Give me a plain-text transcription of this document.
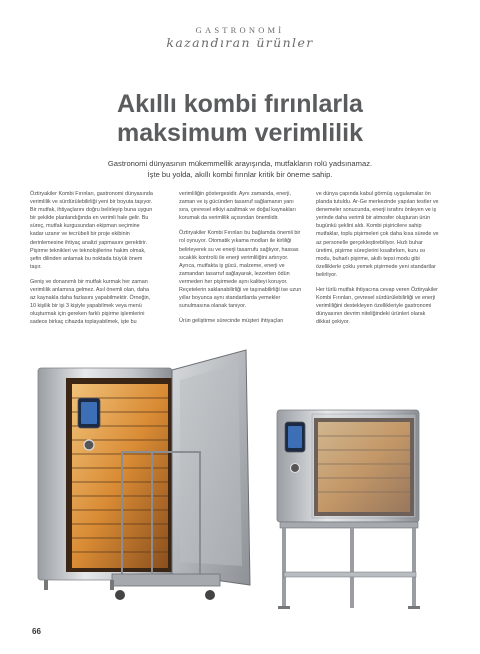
GASTRONOMİ
kazandıran ürünler
Akıllı kombi fırınlarla
maksimum verimlilik
Gastronomi dünyasının mükemmellik arayışında, mutfakların rolü yadsınamaz.
İşte bu yolda, akıllı kombi fırınlar kritik bir öneme sahip.

Öztiryakiler Kombi Fırınları, gastronomi dünyasında verimlilik ve sürdürülebilirliği yeni bir boyuta taşıyor. Bir mutfak, ihtiyaçlarını doğru belirleyip buna uygun bir şekilde planlandığında en verimli hale gelir. Bu süreç, mutfak kurgusundan ekipman seçimine kadar uzanır ve tecrübeli bir proje ekibinin derinlemesine ihtiyaç analizi yapmasını gerektirir. Pişirme teknikleri ve teknolojilerine hakim olmak, şefin dilinden anlamak bu noktada büyük önem taşır.

Geniş ve donanımlı bir mutfak kurmak her zaman verimlilik anlamına gelmez. Asıl önemli olan, daha az kaynakla daha fazlasını yapabilmektir. Örneğin, 10 kişilik bir işi 3 kişiyle yapabilmek veya menü oluşturmak için gereken farklı pişirme işlemlerini sadece birkaç cihazda toplayabilmek, işte bu

verimliliğin göstergesidir. Aynı zamanda, enerji, zaman ve iş gücünden tasarruf sağlamanın yanı sıra, çevresel etkiyi azaltmak ve doğal kaynakları korumak da verimlilik açısından önemlidir.

Öztiryakiler Kombi Fırınları bu bağlamda önemli bir rol oynuyor. Otomatik yıkama modları ile kirliliği belirleyerek su ve enerji tasarrufu sağlıyor, hassas sıcaklık kontrolü ile enerji verimliliğini artırıyor. Ayrıca, mutfakta iş gücü, malzeme, enerji ve zamandan tasarruf sağlayarak, lezzetten ödün vermeden her pişirmede aynı kaliteyi koruyor. Reçetelerin saklanabilirliği ve taşınabilirliği ise uzun yıllar boyunca aynı standartlarda yemekler sunulmasına olanak tanıyor.

Ürün geliştirme sürecinde müşteri ihtiyaçları

ve dünya çapında kabul görmüş uygulamalar ön planda tutuldu. Ar-Ge merkezinde yapılan testler ve denemeler sonucunda, enerji israfını önleyen ve iş yerinde daha verimli bir atmosfer oluşturan ürün bugünkü şeklini aldı. Kombi pişiricilere sahip mutfaklar, toplu pişirmeleri çok daha kısa sürede ve az personelle gerçekleştirebiliyor. Hızlı buhar üretimi, pişirme süreçlerini kısaltırken, kuru ısı modu, buharlı pişirme, akıllı tepsi modu gibi özelliklerle çoklu yemek pişirmede yeni standartlar belirliyor.

Her türlü mutfak ihtiyacına cevap veren Öztiryakiler Kombi Fırınları, çevresel sürdürülebilirliği ve enerji verimliliğini destekleyen özellikleriyle gastronomi dünyasının devrim niteliğindeki ürünleri olarak dikkat çekiyor.

66
